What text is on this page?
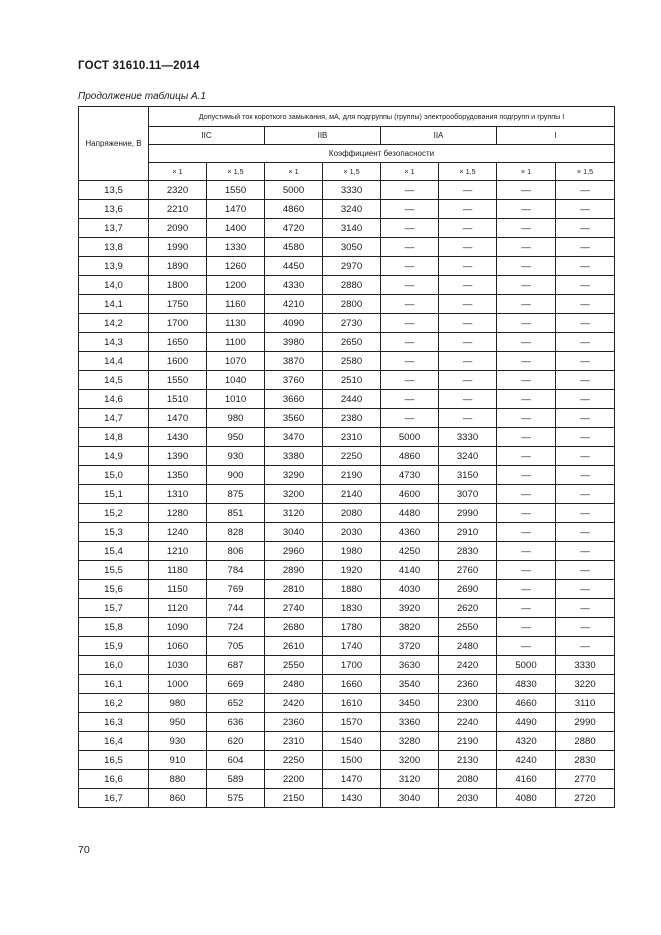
ГОСТ 31610.11—2014
Продолжение таблицы А.1
Напряжение, В	Допустимый ток короткого замыкания, мА, для подгруппы (группы) электрооборудования подгрупп и группы I							
	IIC		IIB		IIA		I	
	Коэффициент безопасности							
	× 1	× 1,5	× 1	× 1,5	× 1	× 1,5	× 1	× 1,5
13,5	2320	1550	5000	3330	—	—	—	—
13,6	2210	1470	4860	3240	—	—	—	—
13,7	2090	1400	4720	3140	—	—	—	—
13,8	1990	1330	4580	3050	—	—	—	—
13,9	1890	1260	4450	2970	—	—	—	—
14,0	1800	1200	4330	2880	—	—	—	—
14,1	1750	1160	4210	2800	—	—	—	—
14,2	1700	1130	4090	2730	—	—	—	—
14,3	1650	1100	3980	2650	—	—	—	—
14,4	1600	1070	3870	2580	—	—	—	—
14,5	1550	1040	3760	2510	—	—	—	—
14,6	1510	1010	3660	2440	—	—	—	—
14,7	1470	980	3560	2380	—	—	—	—
14,8	1430	950	3470	2310	5000	3330	—	—
14,9	1390	930	3380	2250	4860	3240	—	—
15,0	1350	900	3290	2190	4730	3150	—	—
15,1	1310	875	3200	2140	4600	3070	—	—
15,2	1280	851	3120	2080	4480	2990	—	—
15,3	1240	828	3040	2030	4360	2910	—	—
15,4	1210	806	2960	1980	4250	2830	—	—
15,5	1180	784	2890	1920	4140	2760	—	—
15,6	1150	769	2810	1880	4030	2690	—	—
15,7	1120	744	2740	1830	3920	2620	—	—
15,8	1090	724	2680	1780	3820	2550	—	—
15,9	1060	705	2610	1740	3720	2480	—	—
16,0	1030	687	2550	1700	3630	2420	5000	3330
16,1	1000	669	2480	1660	3540	2360	4830	3220
16,2	980	652	2420	1610	3450	2300	4660	3110
16,3	950	636	2360	1570	3360	2240	4490	2990
16,4	930	620	2310	1540	3280	2190	4320	2880
16,5	910	604	2250	1500	3200	2130	4240	2830
16,6	880	589	2200	1470	3120	2080	4160	2770
16,7	860	575	2150	1430	3040	2030	4080	2720
70
